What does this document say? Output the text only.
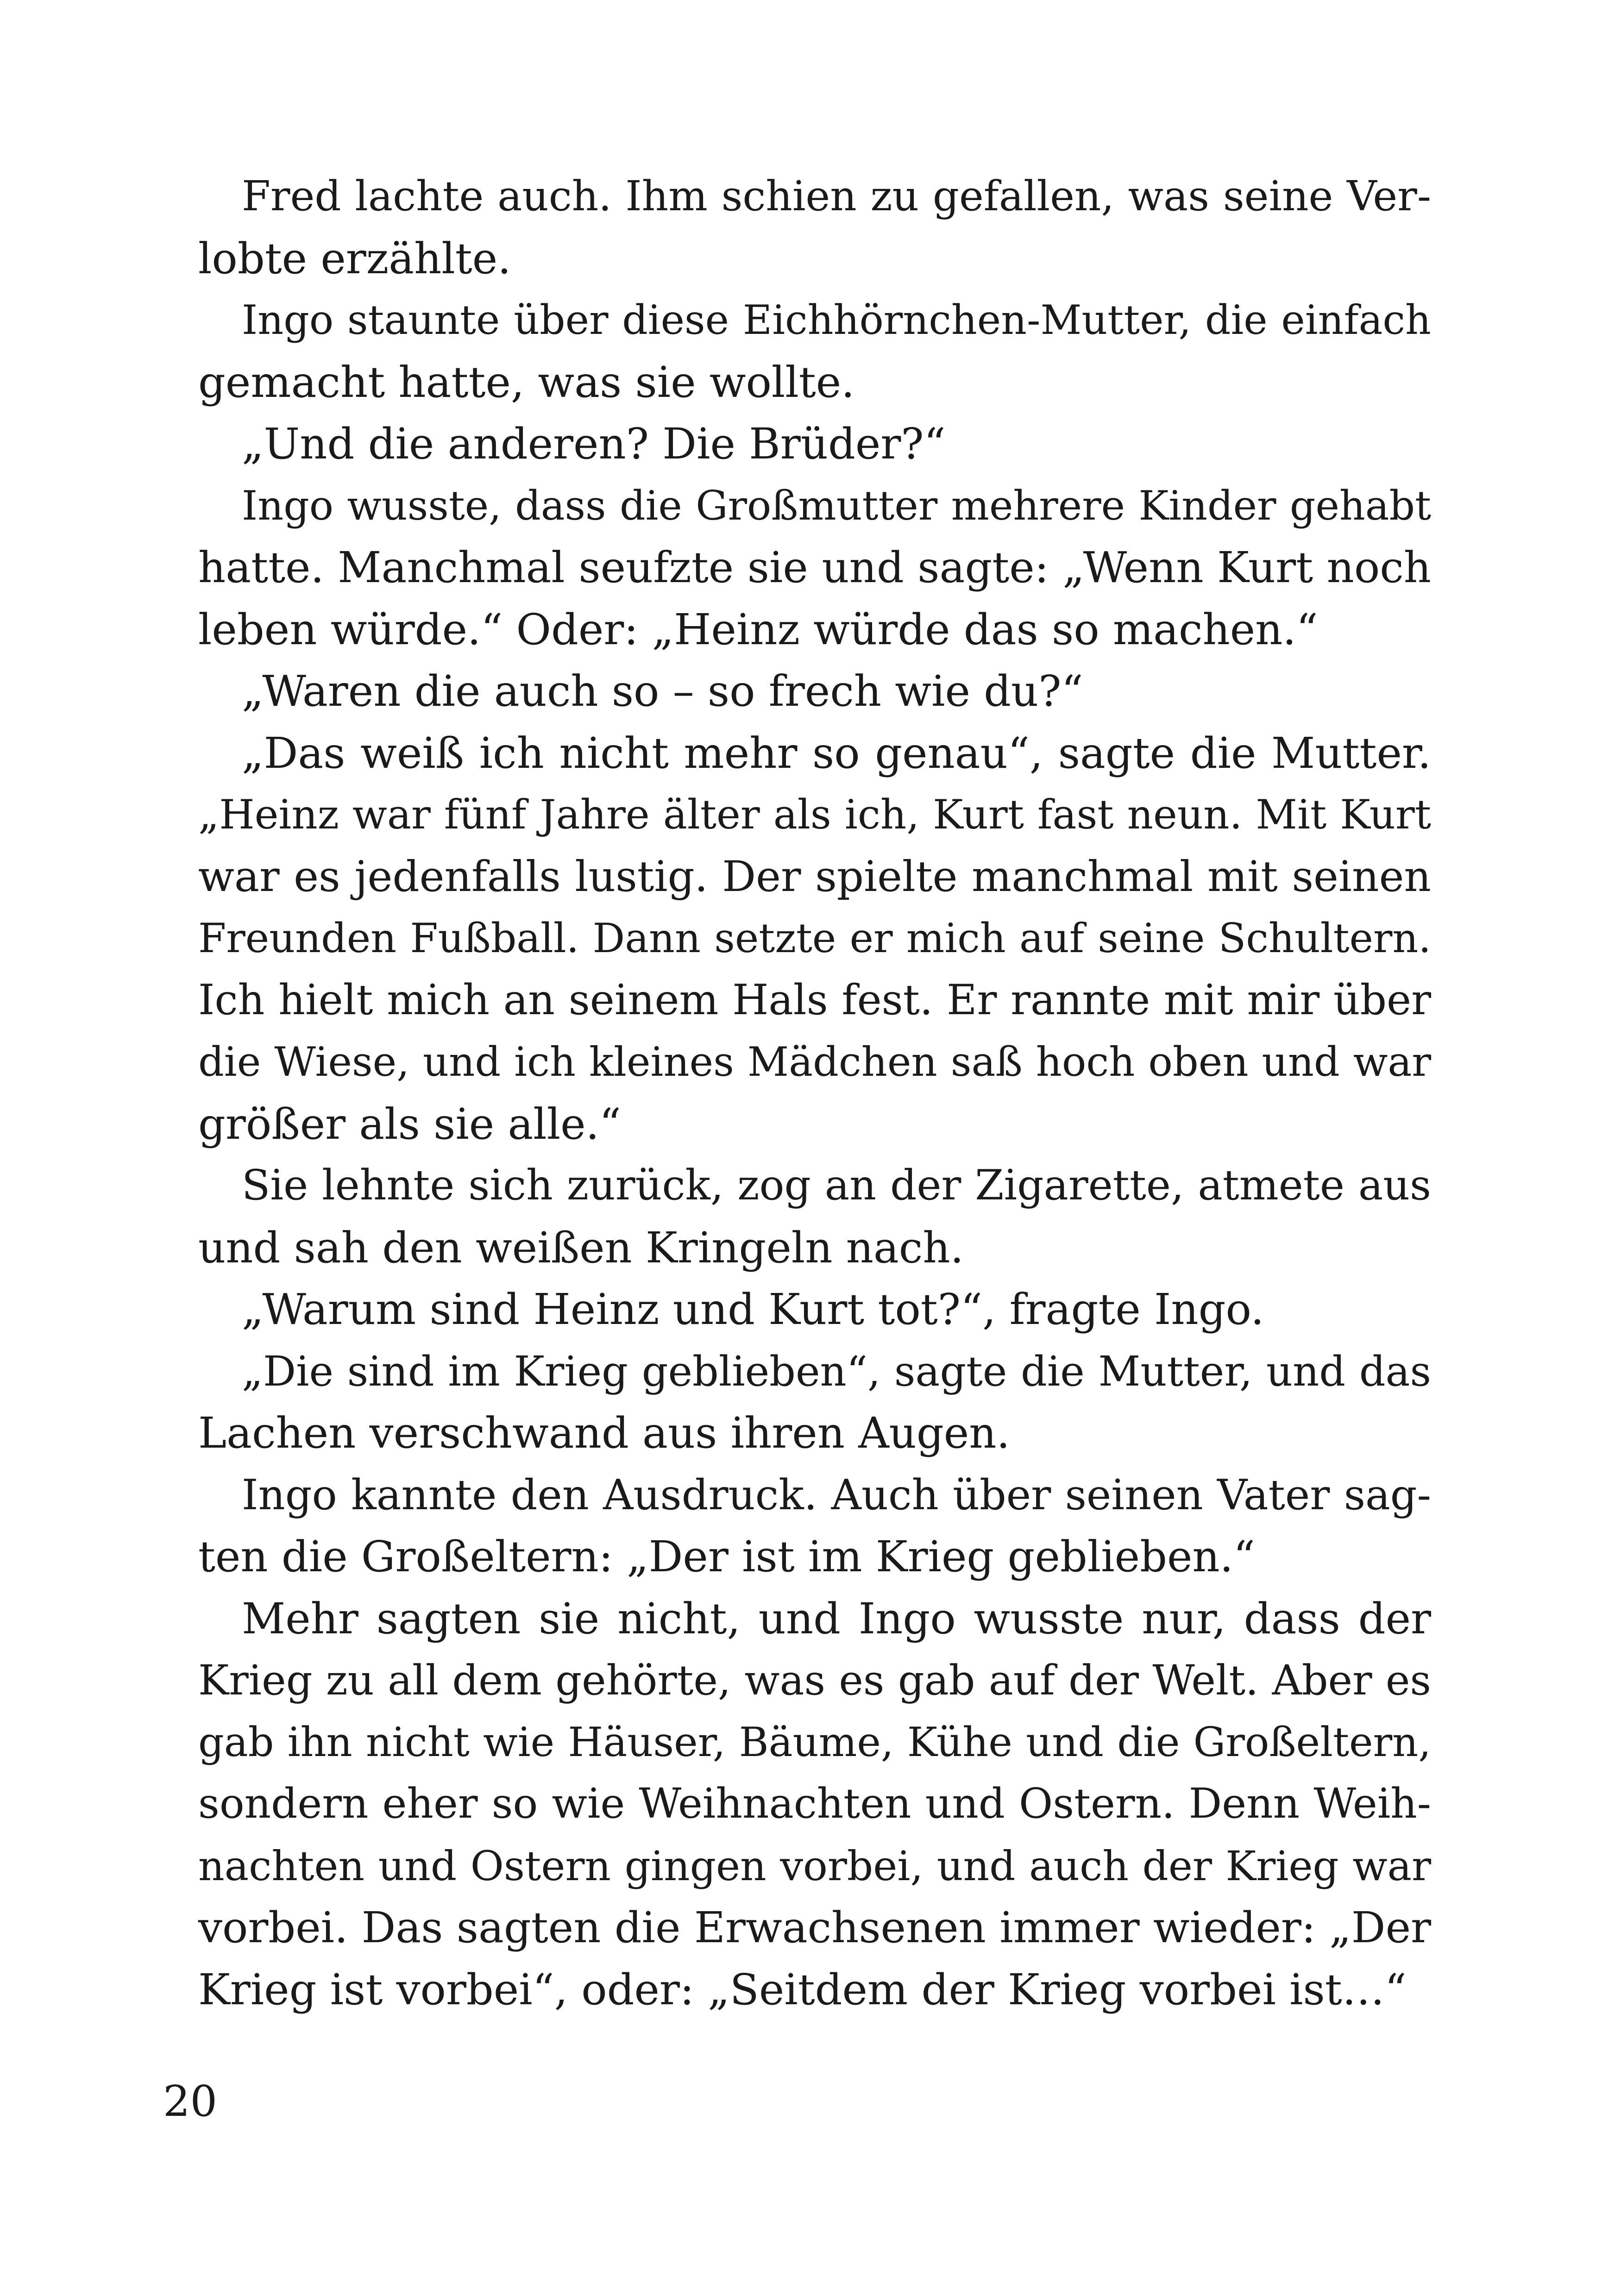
Fred lachte auch. Ihm schien zu gefallen, was seine Ver-
lobte erzählte.
Ingo staunte über diese Eichhörnchen-Mutter, die einfach
gemacht hatte, was sie wollte.
„Und die anderen? Die Brüder?“
Ingo wusste, dass die Großmutter mehrere Kinder gehabt
hatte. Manchmal seufzte sie und sagte: „Wenn Kurt noch
leben würde.“ Oder: „Heinz würde das so machen.“
„Waren die auch so – so frech wie du?“
„Das weiß ich nicht mehr so genau“, sagte die Mutter.
„Heinz war fünf Jahre älter als ich, Kurt fast neun. Mit Kurt
war es jedenfalls lustig. Der spielte manchmal mit seinen
Freunden Fußball. Dann setzte er mich auf seine Schultern.
Ich hielt mich an seinem Hals fest. Er rannte mit mir über
die Wiese, und ich kleines Mädchen saß hoch oben und war
größer als sie alle.“
Sie lehnte sich zurück, zog an der Zigarette, atmete aus
und sah den weißen Kringeln nach.
„Warum sind Heinz und Kurt tot?“, fragte Ingo.
„Die sind im Krieg geblieben“, sagte die Mutter, und das
Lachen verschwand aus ihren Augen.
Ingo kannte den Ausdruck. Auch über seinen Vater sag-
ten die Großeltern: „Der ist im Krieg geblieben.“
Mehr sagten sie nicht, und Ingo wusste nur, dass der
Krieg zu all dem gehörte, was es gab auf der Welt. Aber es
gab ihn nicht wie Häuser, Bäume, Kühe und die Großeltern,
sondern eher so wie Weihnachten und Ostern. Denn Weih-
nachten und Ostern gingen vorbei, und auch der Krieg war
vorbei. Das sagten die Erwachsenen immer wieder: „Der
Krieg ist vorbei“, oder: „Seitdem der Krieg vorbei ist…“
20
